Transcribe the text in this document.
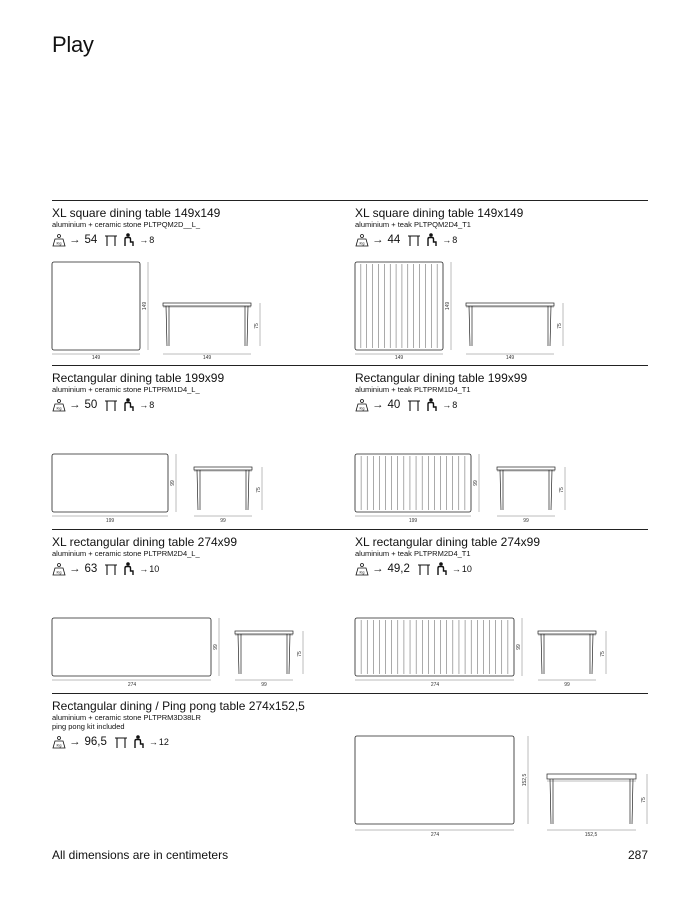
Play
XL square dining table 149x149
aluminium + ceramic stone PLTPQM2D__L_
Kg → 54	→ 8
149
149
75
149
XL square dining table 149x149
aluminium + teak PLTPQM2D4_T1
Kg → 44	→ 8
149
149
75
149
Rectangular dining table 199x99
aluminium + ceramic stone PLTPRM1D4_L_
Kg → 50	→ 8
99
199
75
99
Rectangular dining table 199x99
aluminium + teak PLTPRM1D4_T1
Kg → 40	→ 8
99
199
75
99
XL rectangular dining table 274x99
aluminium + ceramic stone PLTPRM2D4_L_
Kg → 63	→ 10
99
274
75
99
XL rectangular dining table 274x99
aluminium + teak PLTPRM2D4_T1
Kg → 49,2	→ 10
99
274
75
99
Rectangular dining / Ping pong table 274x152,5
aluminium + ceramic stone PLTPRM3D38LR
ping pong kit included
Kg → 96,5	→ 12
152,5
274
75
152,5
All dimensions are in centimeters	287
